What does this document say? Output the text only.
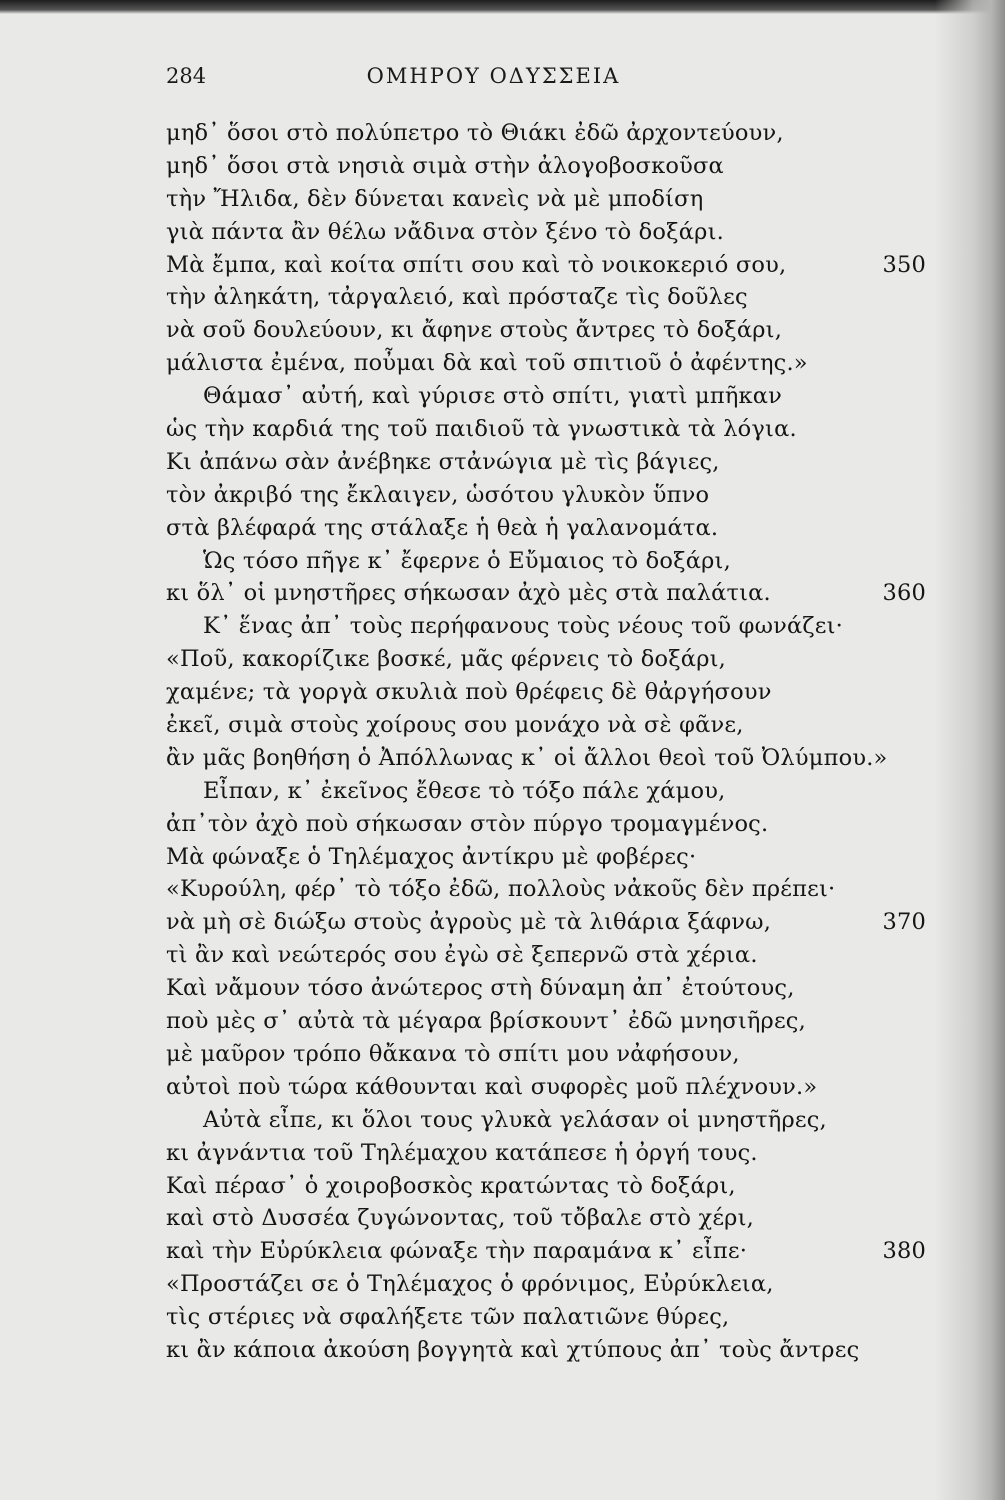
284	ΟΜΗΡΟΥ ΟΔΥΣΣΕΙΑ
μηδ᾽ ὅσοι στὸ πολύπετρο τὸ Θιάκι ἐδῶ ἀρχοντεύουν,
μηδ᾽ ὅσοι στὰ νησιὰ σιμὰ στὴν ἀλογοβοσκοῦσα
τὴν Ἤλιδα, δὲν δύνεται κανεὶς νὰ μὲ μποδίση
γιὰ πάντα ἂν θέλω νἄδινα στὸν ξένο τὸ δοξάρι.
Μὰ ἔμπα, καὶ κοίτα σπίτι σου καὶ τὸ νοικοκεριό σου,	350
τὴν ἀληκάτη, τἀργαλειό, καὶ πρόσταζε τὶς δοῦλες
νὰ σοῦ δουλεύουν, κι ἄφηνε στοὺς ἄντρες τὸ δοξάρι,
μάλιστα ἐμένα, ποὖμαι δὰ καὶ τοῦ σπιτιοῦ ὁ ἀφέντης.»
Θάμασ᾽ αὐτή, καὶ γύρισε στὸ σπίτι, γιατὶ μπῆκαν
ὡς τὴν καρδιά της τοῦ παιδιοῦ τὰ γνωστικὰ τὰ λόγια.
Κι ἀπάνω σὰν ἀνέβηκε στἀνώγια μὲ τὶς βάγιες,
τὸν ἀκριβό της ἔκλαιγεν, ὡσότου γλυκὸν ὕπνο
στὰ βλέφαρά της στάλαξε ἡ θεὰ ἡ γαλανομάτα.
Ὡς τόσο πῆγε κ᾽ ἔφερνε ὁ Εὔμαιος τὸ δοξάρι,
κι ὅλ᾽ οἱ μνηστῆρες σήκωσαν ἀχὸ μὲς στὰ παλάτια.	360
Κ᾽ ἕνας ἀπ᾽ τοὺς περήφανους τοὺς νέους τοῦ φωνάζει·
«Ποῦ, κακορίζικε βοσκέ, μᾶς φέρνεις τὸ δοξάρι,
χαμένε; τὰ γοργὰ σκυλιὰ ποὺ θρέφεις δὲ θἀργήσουν
ἐκεῖ, σιμὰ στοὺς χοίρους σου μονάχο νὰ σὲ φᾶνε,
ἂν μᾶς βοηθήση ὁ Ἀπόλλωνας κ᾽ οἱ ἄλλοι θεοὶ τοῦ Ὀλύμπου.»
Εἶπαν, κ᾽ ἐκεῖνος ἔθεσε τὸ τόξο πάλε χάμου,
ἀπ᾽τὸν ἀχὸ ποὺ σήκωσαν στὸν πύργο τρομαγμένος.
Μὰ φώναξε ὁ Τηλέμαχος ἀντίκρυ μὲ φοβέρες·
«Κυρούλη, φέρ᾽ τὸ τόξο ἐδῶ, πολλοὺς νἀκοῦς δὲν πρέπει·
νὰ μὴ σὲ διώξω στοὺς ἀγροὺς μὲ τὰ λιθάρια ξάφνω,	370
τὶ ἂν καὶ νεώτερός σου ἐγὼ σὲ ξεπερνῶ στὰ χέρια.
Καὶ νἄμουν τόσο ἀνώτερος στὴ δύναμη ἀπ᾽ ἐτούτους,
ποὺ μὲς σ᾽ αὐτὰ τὰ μέγαρα βρίσκουντ᾽ ἐδῶ μνησιῆρες,
μὲ μαῦρον τρόπο θἄκανα τὸ σπίτι μου νἀφήσουν,
αὐτοὶ ποὺ τώρα κάθουνται καὶ συφορὲς μοῦ πλέχνουν.»
Αὐτὰ εἶπε, κι ὅλοι τους γλυκὰ γελάσαν οἱ μνηστῆρες,
κι ἀγνάντια τοῦ Τηλέμαχου κατάπεσε ἡ ὀργή τους.
Καὶ πέρασ᾽ ὁ χοιροβοσκὸς κρατώντας τὸ δοξάρι,
καὶ στὸ Δυσσέα ζυγώνοντας, τοῦ τὄβαλε στὸ χέρι,
καὶ τὴν Εὐρύκλεια φώναξε τὴν παραμάνα κ᾽ εἶπε·	380
«Προστάζει σε ὁ Τηλέμαχος ὁ φρόνιμος, Εὐρύκλεια,
τὶς στέριες νὰ σφαλήξετε τῶν παλατιῶνε θύρες,
κι ἂν κάποια ἀκούση βογγητὰ καὶ χτύπους ἀπ᾽ τοὺς ἄντρες
